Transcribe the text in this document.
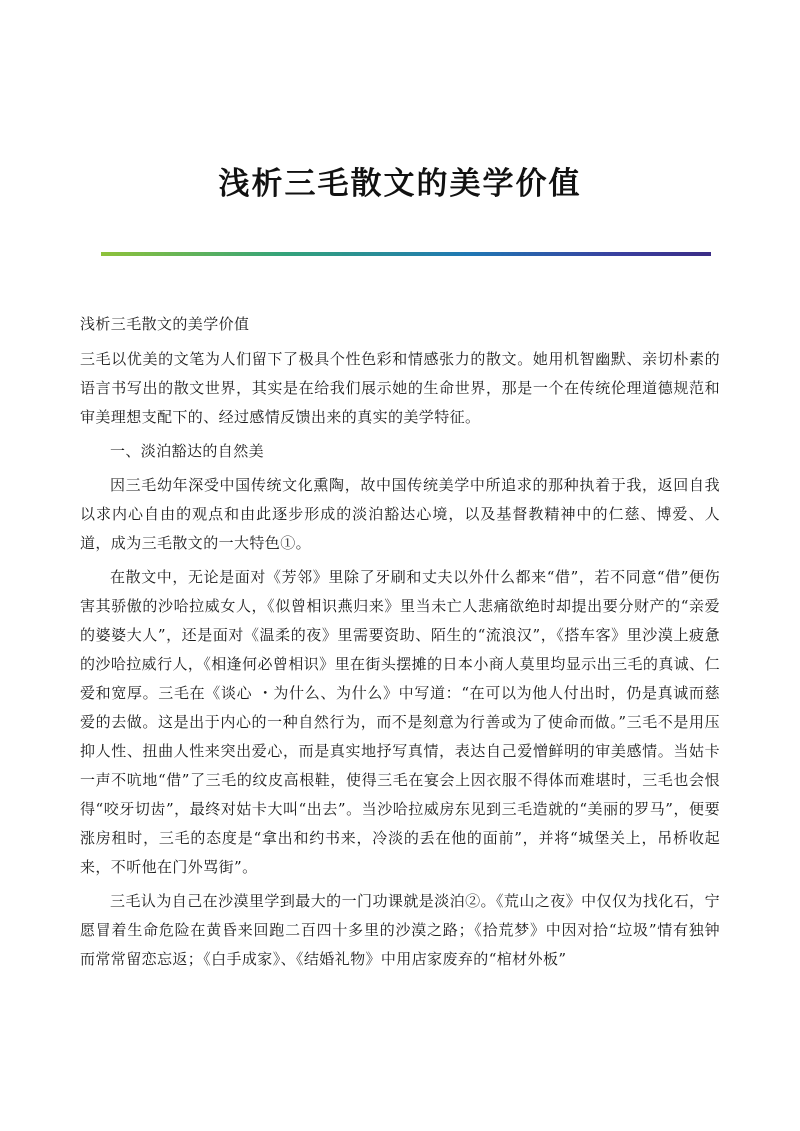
浅析三毛散文的美学价值

浅析三毛散文的美学价值

三毛以优美的文笔为人们留下了极具个性色彩和情感张力的散文。她用机智幽默、亲切朴素的语言书写出的散文世界，其实是在给我们展示她的生命世界，那是一个在传统伦理道德规范和审美理想支配下的、经过感情反馈出来的真实的美学特征。

一、淡泊豁达的自然美

因三毛幼年深受中国传统文化熏陶，故中国传统美学中所追求的那种执着于我，返回自我以求内心自由的观点和由此逐步形成的淡泊豁达心境，以及基督教精神中的仁慈、博爱、人道，成为三毛散文的一大特色①。

在散文中，无论是面对《芳邻》里除了牙刷和丈夫以外什么都来“借”，若不同意“借”便伤害其骄傲的沙哈拉威女人，《似曾相识燕归来》里当未亡人悲痛欲绝时却提出要分财产的“亲爱的婆婆大人”，还是面对《温柔的夜》里需要资助、陌生的“流浪汉”，《搭车客》里沙漠上疲惫的沙哈拉威行人，《相逢何必曾相识》里在街头摆摊的日本小商人莫里均显示出三毛的真诚、仁爱和宽厚。三毛在《谈心 ・为什么、为什么》中写道：“在可以为他人付出时，仍是真诚而慈爱的去做。这是出于内心的一种自然行为，而不是刻意为行善或为了使命而做。”三毛不是用压抑人性、扭曲人性来突出爱心，而是真实地抒写真情，表达自己爱憎鲜明的审美感情。当姑卡一声不吭地“借”了三毛的纹皮高根鞋，使得三毛在宴会上因衣服不得体而难堪时，三毛也会恨得“咬牙切齿”，最终对姑卡大叫“出去”。当沙哈拉威房东见到三毛造就的“美丽的罗马”，便要涨房租时，三毛的态度是“拿出和约书来，冷淡的丢在他的面前”，并将“城堡关上，吊桥收起来，不听他在门外骂街”。

三毛认为自己在沙漠里学到最大的一门功课就是淡泊②。《荒山之夜》中仅仅为找化石，宁愿冒着生命危险在黄昏来回跑二百四十多里的沙漠之路；《拾荒梦》中因对拾“垃圾”情有独钟而常常留恋忘返；《白手成家》、《结婚礼物》中用店家废弃的“棺材外板”
